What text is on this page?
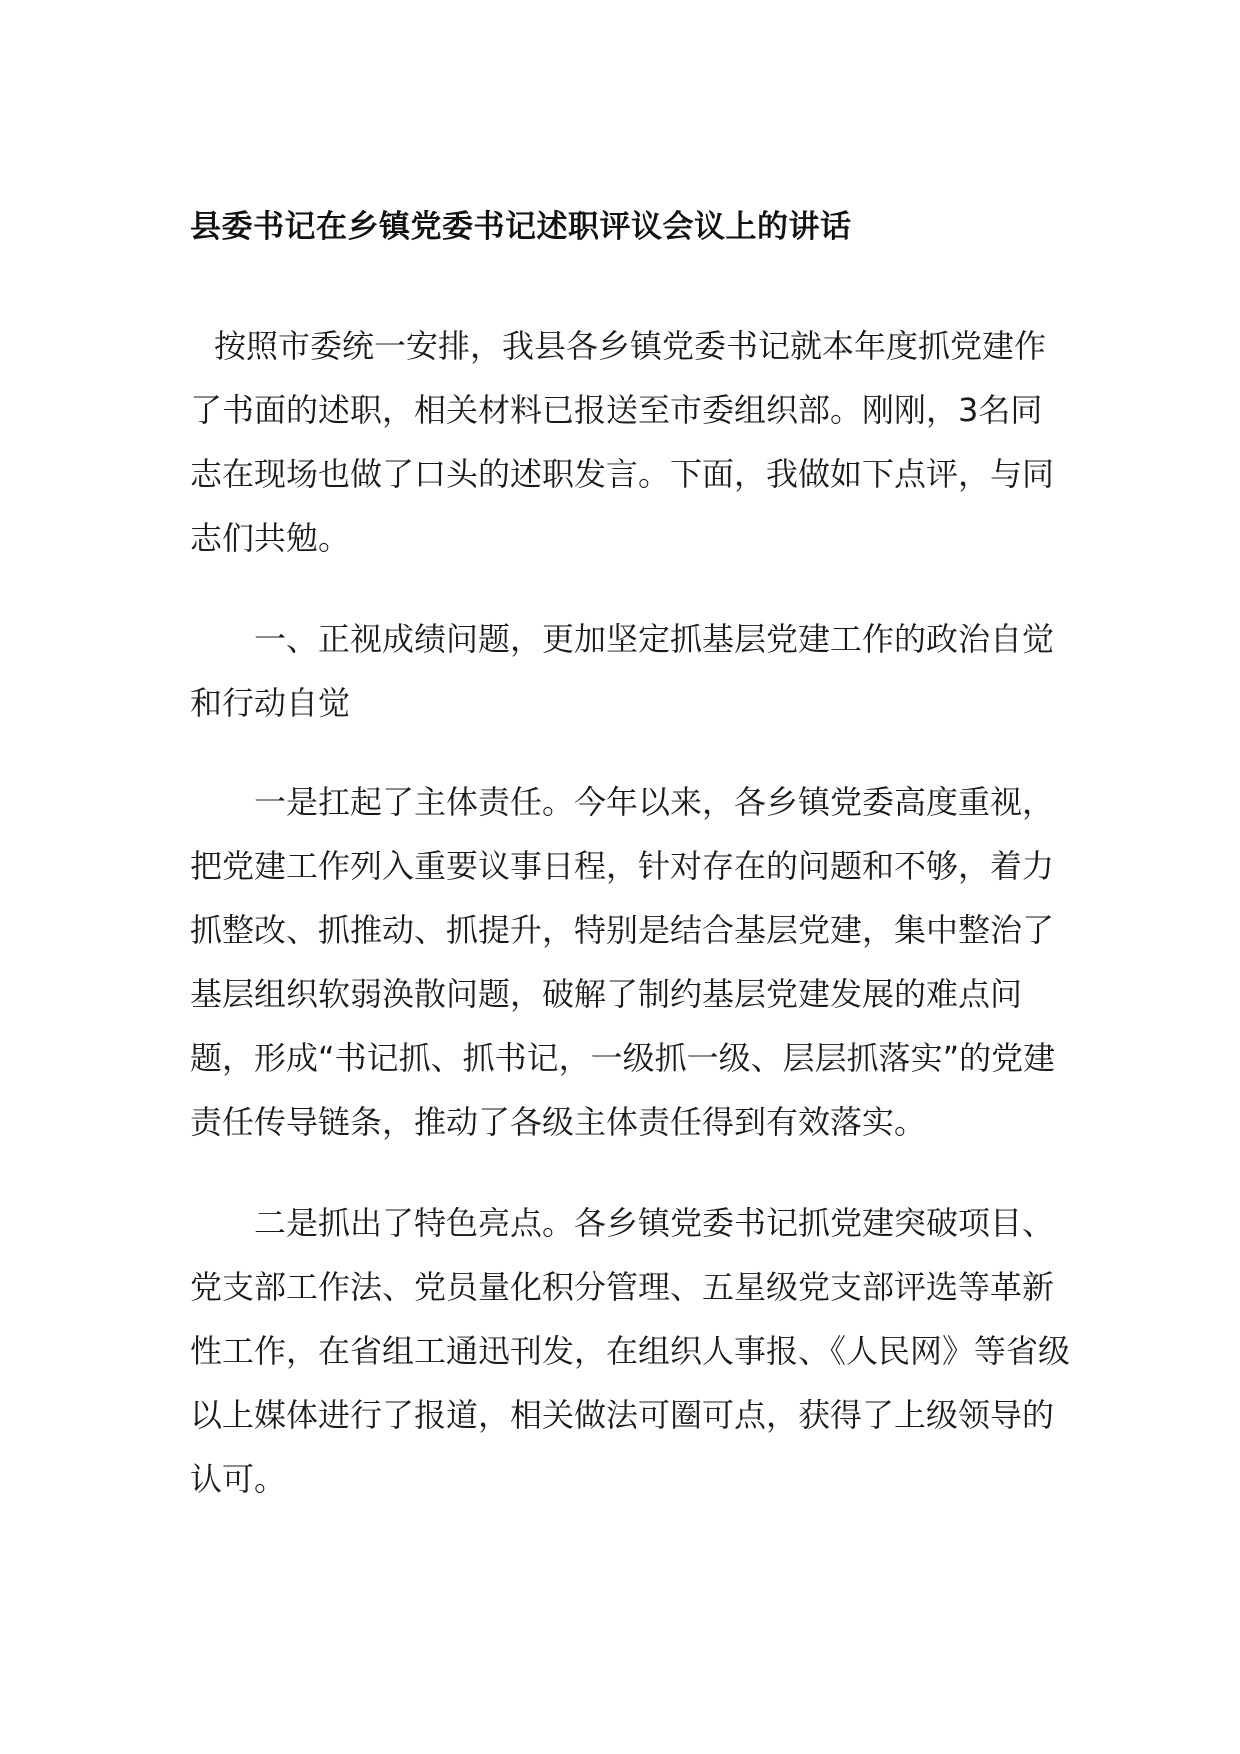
县委书记在乡镇党委书记述职评议会议上的讲话

按照市委统一安排，我县各乡镇党委书记就本年度抓党建作了书面的述职，相关材料已报送至市委组织部。刚刚，3名同志在现场也做了口头的述职发言。下面，我做如下点评，与同志们共勉。

一、正视成绩问题，更加坚定抓基层党建工作的政治自觉和行动自觉

一是扛起了主体责任。今年以来，各乡镇党委高度重视，把党建工作列入重要议事日程，针对存在的问题和不够，着力抓整改、抓推动、抓提升，特别是结合基层党建，集中整治了基层组织软弱涣散问题，破解了制约基层党建发展的难点问题，形成“书记抓、抓书记，一级抓一级、层层抓落实”的党建责任传导链条，推动了各级主体责任得到有效落实。

二是抓出了特色亮点。各乡镇党委书记抓党建突破项目、党支部工作法、党员量化积分管理、五星级党支部评选等革新性工作，在省组工通迅刊发，在组织人事报、《人民网》等省级以上媒体进行了报道，相关做法可圈可点，获得了上级领导的认可。
